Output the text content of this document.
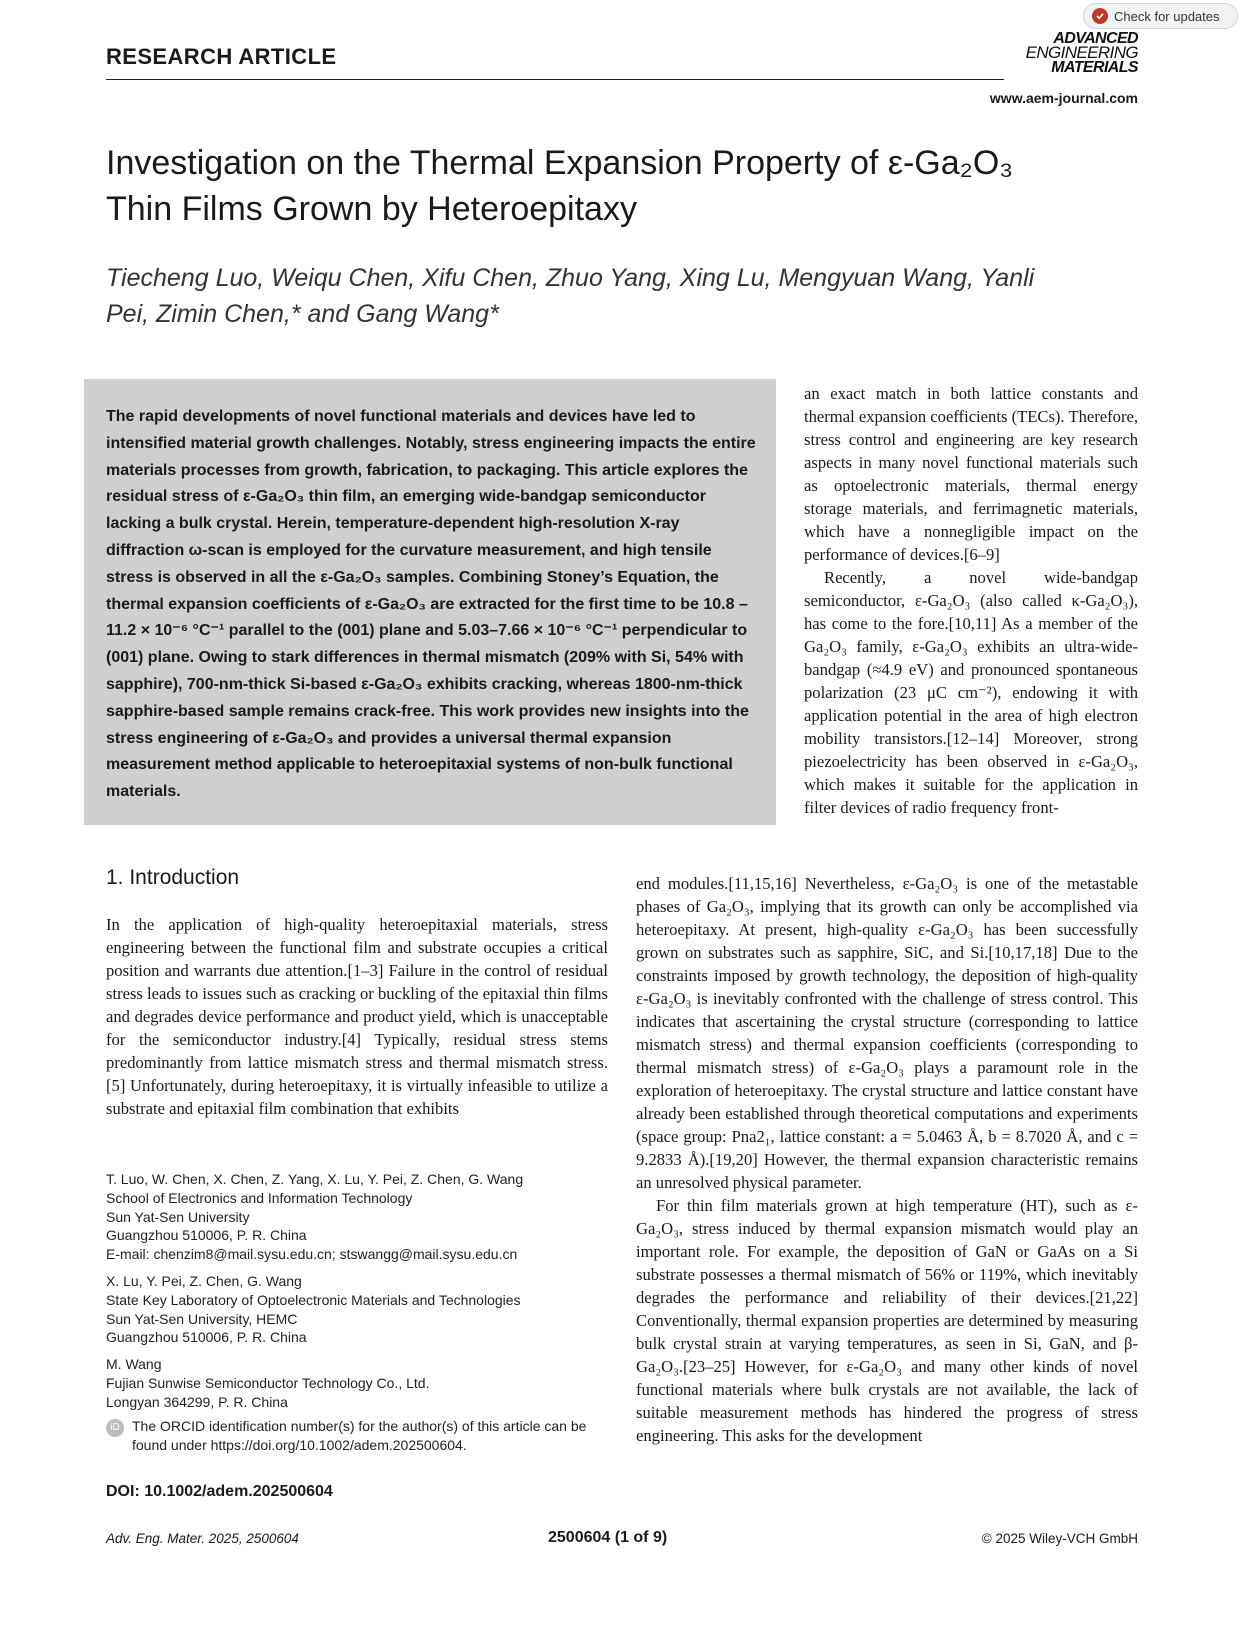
Check for updates
RESEARCH ARTICLE
ADVANCED
ENGINEERING
MATERIALS
www.aem-journal.com
Investigation on the Thermal Expansion Property of ε-Ga₂O₃ Thin Films Grown by Heteroepitaxy
Tiecheng Luo, Weiqu Chen, Xifu Chen, Zhuo Yang, Xing Lu, Mengyuan Wang, Yanli Pei, Zimin Chen,* and Gang Wang*
The rapid developments of novel functional materials and devices have led to intensified material growth challenges. Notably, stress engineering impacts the entire materials processes from growth, fabrication, to packaging. This article explores the residual stress of ε-Ga₂O₃ thin film, an emerging wide-bandgap semiconductor lacking a bulk crystal. Herein, temperature-dependent high-resolution X-ray diffraction ω-scan is employed for the curvature measurement, and high tensile stress is observed in all the ε-Ga₂O₃ samples. Combining Stoney’s Equation, the thermal expansion coefficients of ε-Ga₂O₃ are extracted for the first time to be 10.8 – 11.2 × 10⁻⁶ °C⁻¹ parallel to the (001) plane and 5.03–7.66 × 10⁻⁶ °C⁻¹ perpendicular to (001) plane. Owing to stark differences in thermal mismatch (209% with Si, 54% with sapphire), 700-nm-thick Si-based ε-Ga₂O₃ exhibits cracking, whereas 1800-nm-thick sapphire-based sample remains crack-free. This work provides new insights into the stress engineering of ε-Ga₂O₃ and provides a universal thermal expansion measurement method applicable to heteroepitaxial systems of non-bulk functional materials.

an exact match in both lattice constants and thermal expansion coefficients (TECs). Therefore, stress control and engineering are key research aspects in many novel functional materials such as optoelectronic materials, thermal energy storage materials, and ferrimagnetic materials, which have a nonnegligible impact on the performance of devices.[6–9]

Recently, a novel wide-bandgap semiconductor, ε-Ga₂O₃ (also called κ-Ga₂O₃), has come to the fore.[10,11] As a member of the Ga₂O₃ family, ε-Ga₂O₃ exhibits an ultra-wide-bandgap (≈4.9 eV) and pronounced spontaneous polarization (23 μC cm⁻²), endowing it with application potential in the area of high electron mobility transistors.[12–14] Moreover, strong piezoelectricity has been observed in ε-Ga₂O₃, which makes it suitable for the application in filter devices of radio frequency front-

1. Introduction
In the application of high-quality heteroepitaxial materials, stress engineering between the functional film and substrate occupies a critical position and warrants due attention.[1–3] Failure in the control of residual stress leads to issues such as cracking or buckling of the epitaxial thin films and degrades device performance and product yield, which is unacceptable for the semiconductor industry.[4] Typically, residual stress stems predominantly from lattice mismatch stress and thermal mismatch stress.[5] Unfortunately, during heteroepitaxy, it is virtually infeasible to utilize a substrate and epitaxial film combination that exhibits

end modules.[11,15,16] Nevertheless, ε-Ga₂O₃ is one of the metastable phases of Ga₂O₃, implying that its growth can only be accomplished via heteroepitaxy. At present, high-quality ε-Ga₂O₃ has been successfully grown on substrates such as sapphire, SiC, and Si.[10,17,18] Due to the constraints imposed by growth technology, the deposition of high-quality ε-Ga₂O₃ is inevitably confronted with the challenge of stress control. This indicates that ascertaining the crystal structure (corresponding to lattice mismatch stress) and thermal expansion coefficients (corresponding to thermal mismatch stress) of ε-Ga₂O₃ plays a paramount role in the exploration of heteroepitaxy. The crystal structure and lattice constant have already been established through theoretical computations and experiments (space group: Pna2₁, lattice constant: a = 5.0463 Å, b = 8.7020 Å, and c = 9.2833 Å).[19,20] However, the thermal expansion characteristic remains an unresolved physical parameter.

For thin film materials grown at high temperature (HT), such as ε-Ga₂O₃, stress induced by thermal expansion mismatch would play an important role. For example, the deposition of GaN or GaAs on a Si substrate possesses a thermal mismatch of 56% or 119%, which inevitably degrades the performance and reliability of their devices.[21,22] Conventionally, thermal expansion properties are determined by measuring bulk crystal strain at varying temperatures, as seen in Si, GaN, and β-Ga₂O₃.[23–25] However, for ε-Ga₂O₃ and many other kinds of novel functional materials where bulk crystals are not available, the lack of suitable measurement methods has hindered the progress of stress engineering. This asks for the development

T. Luo, W. Chen, X. Chen, Z. Yang, X. Lu, Y. Pei, Z. Chen, G. Wang
School of Electronics and Information Technology
Sun Yat-Sen University
Guangzhou 510006, P. R. China
E-mail: chenzim8@mail.sysu.edu.cn; stswangg@mail.sysu.edu.cn
X. Lu, Y. Pei, Z. Chen, G. Wang
State Key Laboratory of Optoelectronic Materials and Technologies
Sun Yat-Sen University, HEMC
Guangzhou 510006, P. R. China
M. Wang
Fujian Sunwise Semiconductor Technology Co., Ltd.
Longyan 364299, P. R. China
iD The ORCID identification number(s) for the author(s) of this article can be found under https://doi.org/10.1002/adem.202500604.
DOI: 10.1002/adem.202500604
Adv. Eng. Mater. 2025, 2500604	2500604 (1 of 9)	© 2025 Wiley-VCH GmbH
